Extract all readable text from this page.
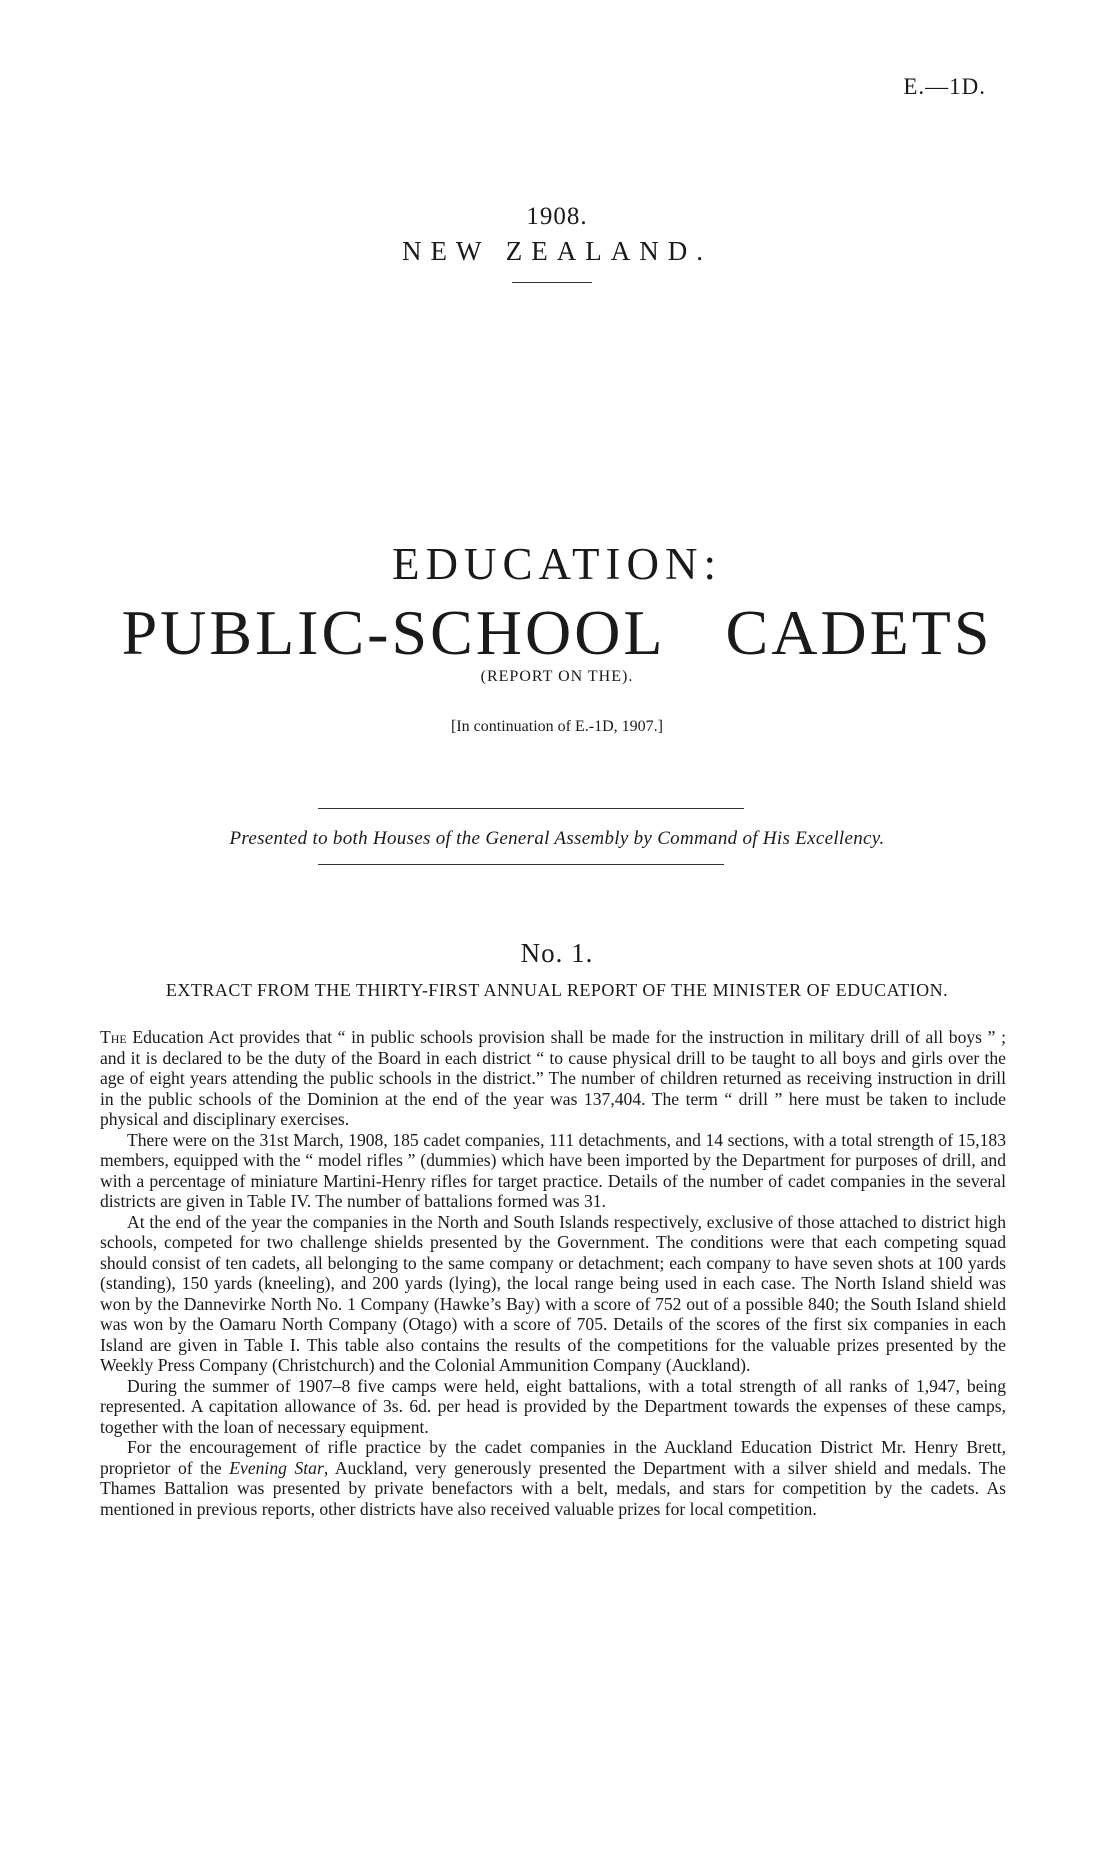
E.—1D.
1908.
NEW ZEALAND.
EDUCATION:
PUBLIC-SCHOOL CADETS
(REPORT ON THE).
[In continuation of E.-1D, 1907.]
Presented to both Houses of the General Assembly by Command of His Excellency.
No. 1.
EXTRACT FROM THE THIRTY-FIRST ANNUAL REPORT OF THE MINISTER OF EDUCATION.

The Education Act provides that “ in public schools provision shall be made for the instruction in military drill of all boys ” ; and it is declared to be the duty of the Board in each district “ to cause physical drill to be taught to all boys and girls over the age of eight years attending the public schools in the district.” The number of children returned as receiving instruction in drill in the public schools of the Dominion at the end of the year was 137,404. The term “ drill ” here must be taken to include physical and disciplinary exercises.

There were on the 31st March, 1908, 185 cadet companies, 111 detachments, and 14 sections, with a total strength of 15,183 members, equipped with the “ model rifles ” (dummies) which have been imported by the Department for purposes of drill, and with a percentage of miniature Martini-Henry rifles for target practice. Details of the number of cadet companies in the several districts are given in Table IV. The number of battalions formed was 31.

At the end of the year the companies in the North and South Islands respectively, exclusive of those attached to district high schools, competed for two challenge shields presented by the Government. The conditions were that each competing squad should consist of ten cadets, all belonging to the same company or detachment; each company to have seven shots at 100 yards (standing), 150 yards (kneeling), and 200 yards (lying), the local range being used in each case. The North Island shield was won by the Dannevirke North No. 1 Company (Hawke’s Bay) with a score of 752 out of a possible 840; the South Island shield was won by the Oamaru North Company (Otago) with a score of 705. Details of the scores of the first six companies in each Island are given in Table I. This table also contains the results of the competitions for the valuable prizes presented by the Weekly Press Company (Christchurch) and the Colonial Ammunition Company (Auckland).

During the summer of 1907–8 five camps were held, eight battalions, with a total strength of all ranks of 1,947, being represented. A capitation allowance of 3s. 6d. per head is provided by the Department towards the expenses of these camps, together with the loan of necessary equipment.

For the encouragement of rifle practice by the cadet companies in the Auckland Education District Mr. Henry Brett, proprietor of the Evening Star, Auckland, very generously presented the Department with a silver shield and medals. The Thames Battalion was presented by private benefactors with a belt, medals, and stars for competition by the cadets. As mentioned in previous reports, other districts have also received valuable prizes for local competition.
